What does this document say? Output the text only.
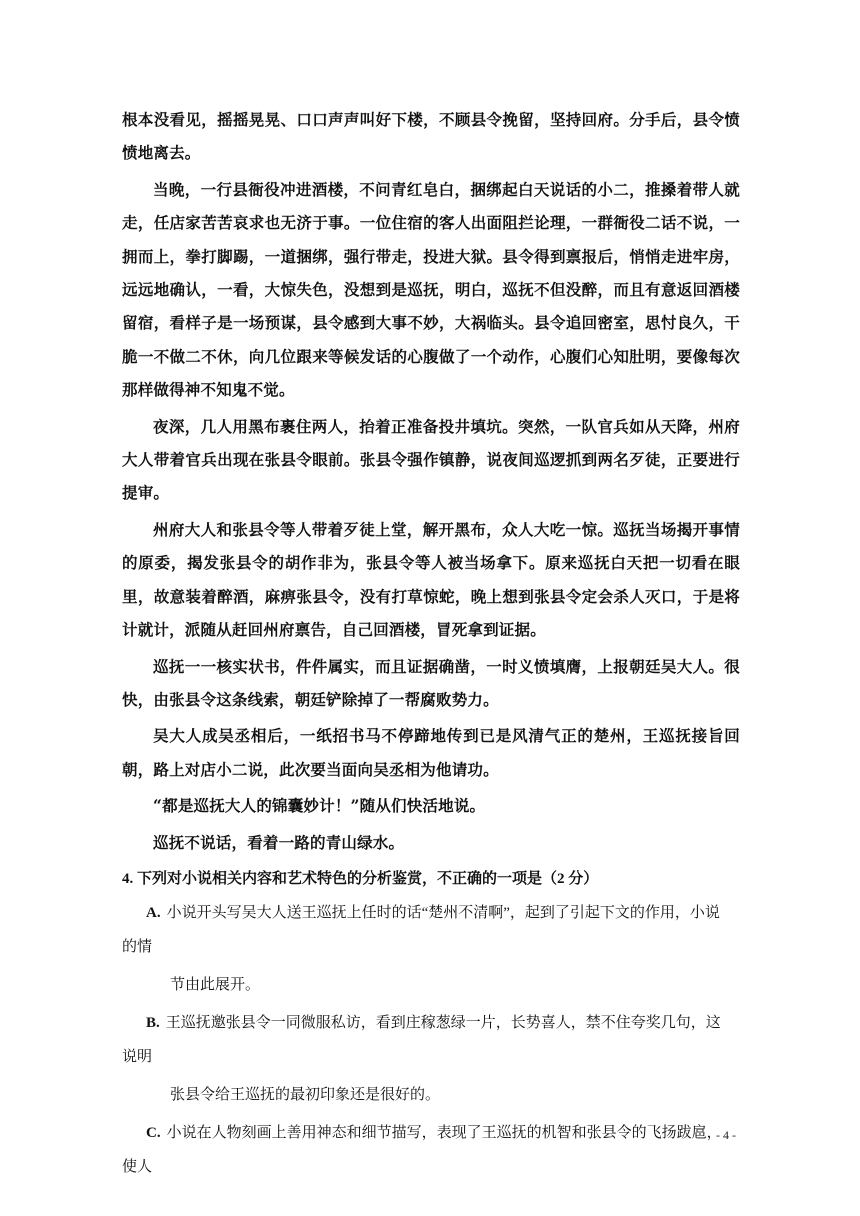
根本没看见，摇摇晃晃、口口声声叫好下楼，不顾县令挽留，坚持回府。分手后，县令愤愤地离去。

当晚，一行县衙役冲进酒楼，不问青红皂白，捆绑起白天说话的小二，推搡着带人就走，任店家苦苦哀求也无济于事。一位住宿的客人出面阻拦论理，一群衙役二话不说，一拥而上，拳打脚踢，一道捆绑，强行带走，投进大狱。县令得到禀报后，悄悄走进牢房，远远地确认，一看，大惊失色，没想到是巡抚，明白，巡抚不但没醉，而且有意返回酒楼留宿，看样子是一场预谋，县令感到大事不妙，大祸临头。县令追回密室，思忖良久，干脆一不做二不休，向几位跟来等候发话的心腹做了一个动作，心腹们心知肚明，要像每次那样做得神不知鬼不觉。

夜深，几人用黑布裹住两人，抬着正准备投井填坑。突然，一队官兵如从天降，州府大人带着官兵出现在张县令眼前。张县令强作镇静，说夜间巡逻抓到两名歹徒，正要进行提审。

州府大人和张县令等人带着歹徒上堂，解开黑布，众人大吃一惊。巡抚当场揭开事情的原委，揭发张县令的胡作非为，张县令等人被当场拿下。原来巡抚白天把一切看在眼里，故意装着醉酒，麻痹张县令，没有打草惊蛇，晚上想到张县令定会杀人灭口，于是将计就计，派随从赶回州府禀告，自己回酒楼，冒死拿到证据。

巡抚一一核实状书，件件属实，而且证据确凿，一时义愤填膺，上报朝廷吴大人。很快，由张县令这条线索，朝廷铲除掉了一帮腐败势力。

吴大人成吴丞相后，一纸招书马不停蹄地传到已是风清气正的楚州，王巡抚接旨回朝，路上对店小二说，此次要当面向吴丞相为他请功。

“都是巡抚大人的锦囊妙计！”随从们快活地说。

巡抚不说话，看着一路的青山绿水。

4. 下列对小说相关内容和艺术特色的分析鉴赏，不正确的一项是（2 分）

A. 小说开头写吴大人送王巡抚上任时的话“楚州不清啊”，起到了引起下文的作用，小说

的情

节由此展开。

B. 王巡抚邀张县令一同微服私访，看到庄稼葱绿一片，长势喜人，禁不住夸奖几句，这

说明

张县令给王巡抚的最初印象还是很好的。

C. 小说在人物刻画上善用神态和细节描写，表现了王巡抚的机智和张县令的飞扬跋扈，

使人

- 4 -
